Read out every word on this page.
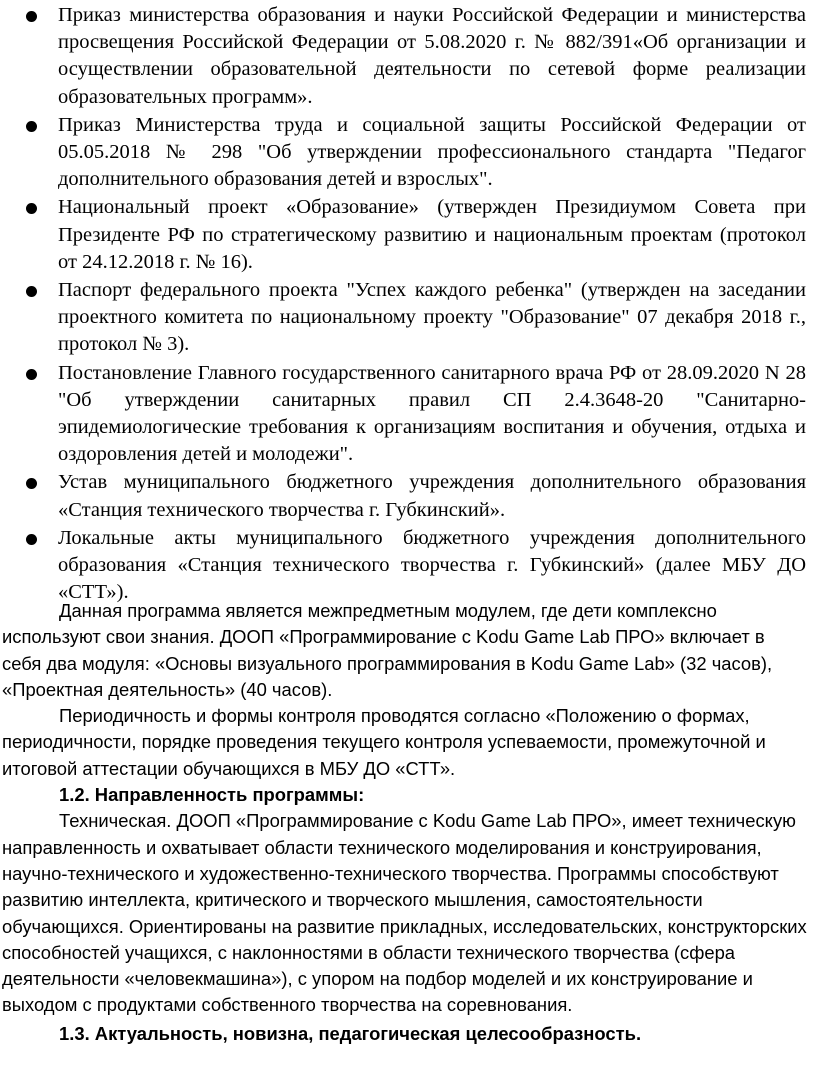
Приказ министерства образования и науки Российской Федерации и министерства просвещения Российской Федерации от 5.08.2020 г. № 882/391«Об организации и осуществлении образовательной деятельности по сетевой форме реализации образовательных программ».
Приказ Министерства труда и социальной защиты Российской Федерации от 05.05.2018 № 298 "Об утверждении профессионального стандарта "Педагог дополнительного образования детей и взрослых".
Национальный проект «Образование» (утвержден Президиумом Совета при Президенте РФ по стратегическому развитию и национальным проектам (протокол от 24.12.2018 г. № 16).
Паспорт федерального проекта "Успех каждого ребенка" (утвержден на заседании проектного комитета по национальному проекту "Образование" 07 декабря 2018 г., протокол № 3).
Постановление Главного государственного санитарного врача РФ от 28.09.2020 N 28 "Об утверждении санитарных правил СП 2.4.3648-20 "Санитарно-эпидемиологические требования к организациям воспитания и обучения, отдыха и оздоровления детей и молодежи".
Устав муниципального бюджетного учреждения дополнительного образования «Станция технического творчества г. Губкинский».
Локальные акты муниципального бюджетного учреждения дополнительного образования «Станция технического творчества г. Губкинский» (далее МБУ ДО «СТТ»).

Данная программа является межпредметным модулем, где дети комплексно используют свои знания. ДООП «Программирование с Kodu Game Lab ПРО» включает в себя два модуля: «Основы визуального программирования в Kodu Game Lab» (32 часов), «Проектная деятельность» (40 часов).

Периодичность и формы контроля проводятся согласно «Положению о формах, периодичности, порядке проведения текущего контроля успеваемости, промежуточной и итоговой аттестации обучающихся в МБУ ДО «СТТ».

1.2. Направленность программы:

Техническая. ДООП «Программирование с Kodu Game Lab ПРО», имеет техническую направленность и охватывает области технического моделирования и конструирования, научно-технического и художественно-технического творчества. Программы способствуют развитию интеллекта, критического и творческого мышления, самостоятельности обучающихся. Ориентированы на развитие прикладных, исследовательских, конструкторских способностей учащихся, с наклонностями в области технического творчества (сфера деятельности «человекмашина»), с упором на подбор моделей и их конструирование и выходом с продуктами собственного творчества на соревнования.

1.3. Актуальность, новизна, педагогическая целесообразность.
